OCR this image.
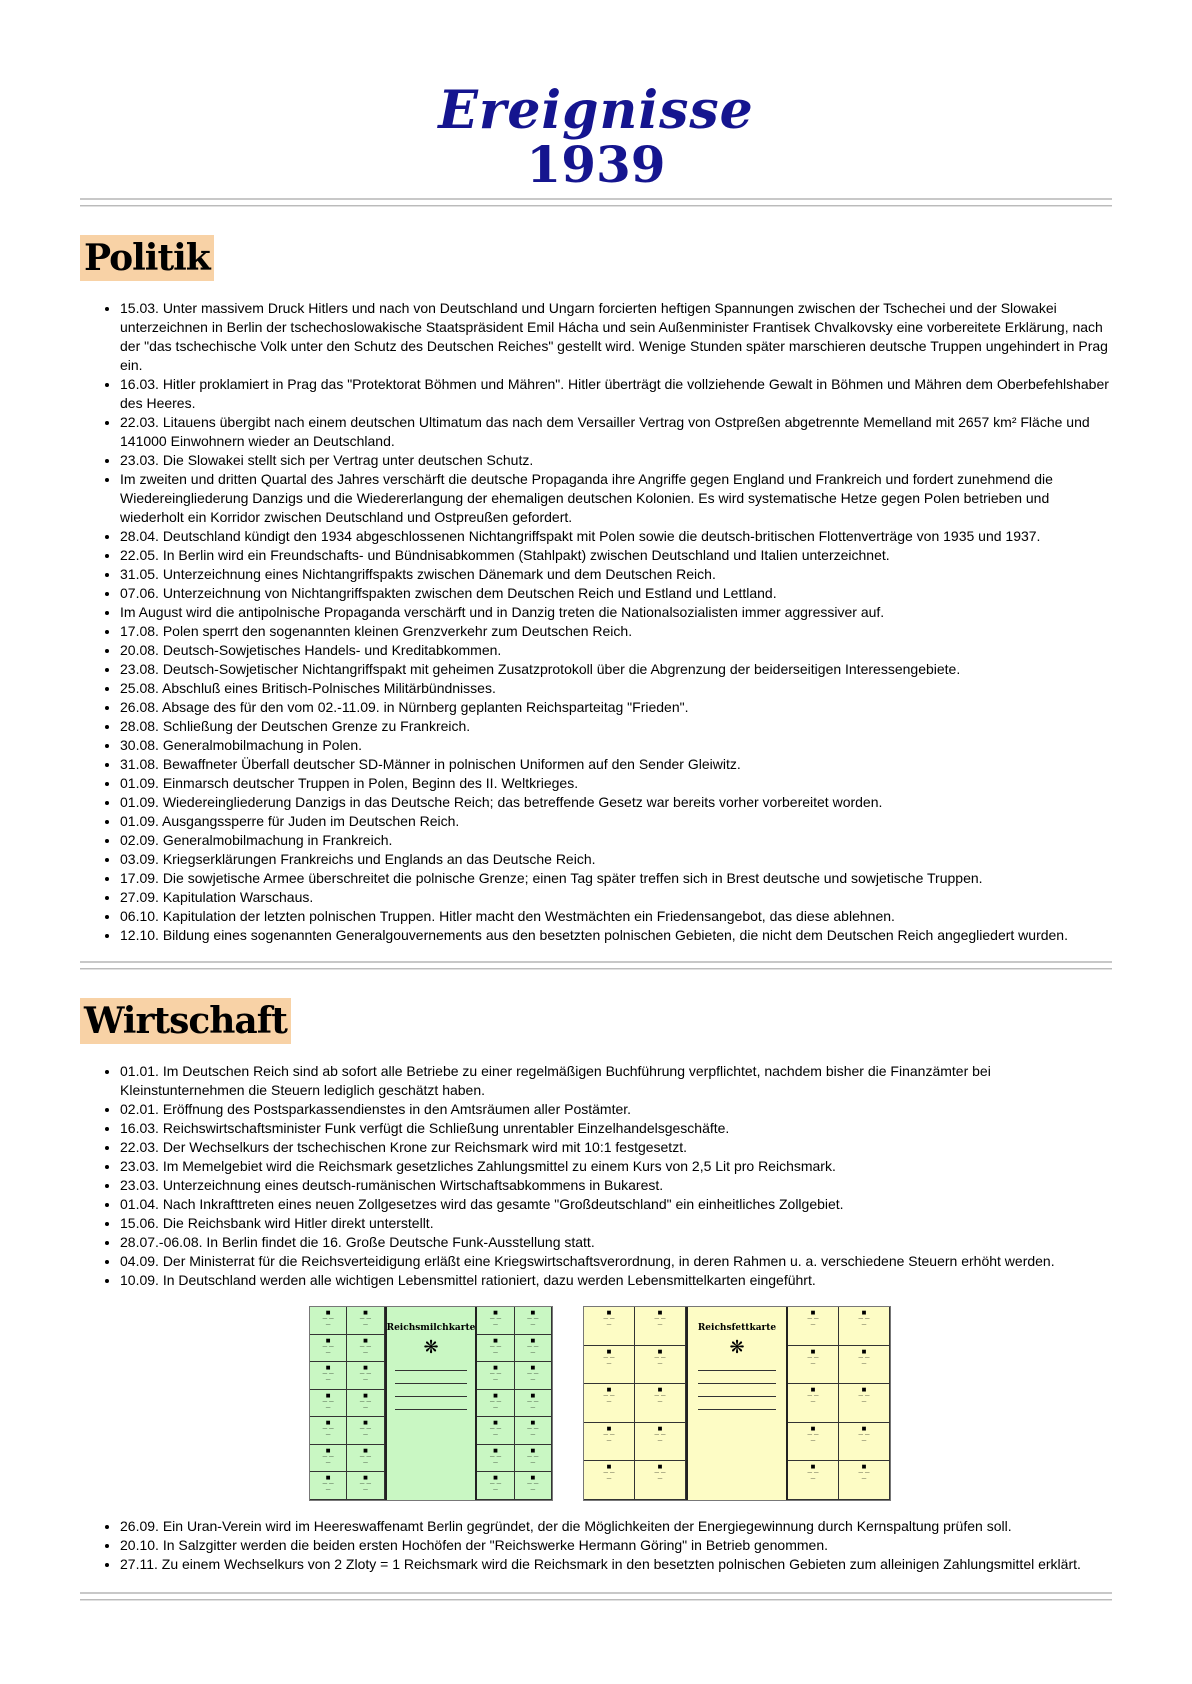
Ereignisse
1939
Politik
• 15.03. Unter massivem Druck Hitlers und nach von Deutschland und Ungarn forcierten heftigen Spannungen zwischen der Tschechei und der Slowakei unterzeichnen in Berlin der tschechoslowakische Staatspräsident Emil Hácha und sein Außenminister Frantisek Chvalkovsky eine vorbereitete Erklärung, nach der "das tschechische Volk unter den Schutz des Deutschen Reiches" gestellt wird. Wenige Stunden später marschieren deutsche Truppen ungehindert in Prag ein.
• 16.03. Hitler proklamiert in Prag das "Protektorat Böhmen und Mähren". Hitler überträgt die vollziehende Gewalt in Böhmen und Mähren dem Oberbefehlshaber des Heeres.
• 22.03. Litauens übergibt nach einem deutschen Ultimatum das nach dem Versailler Vertrag von Ostpreßen abgetrennte Memelland mit 2657 km² Fläche und 141000 Einwohnern wieder an Deutschland.
• 23.03. Die Slowakei stellt sich per Vertrag unter deutschen Schutz.
• Im zweiten und dritten Quartal des Jahres verschärft die deutsche Propaganda ihre Angriffe gegen England und Frankreich und fordert zunehmend die Wiedereingliederung Danzigs und die Wiedererlangung der ehemaligen deutschen Kolonien. Es wird systematische Hetze gegen Polen betrieben und wiederholt ein Korridor zwischen Deutschland und Ostpreußen gefordert.
• 28.04. Deutschland kündigt den 1934 abgeschlossenen Nichtangriffspakt mit Polen sowie die deutsch-britischen Flottenverträge von 1935 und 1937.
• 22.05. In Berlin wird ein Freundschafts- und Bündnisabkommen (Stahlpakt) zwischen Deutschland und Italien unterzeichnet.
• 31.05. Unterzeichnung eines Nichtangriffspakts zwischen Dänemark und dem Deutschen Reich.
• 07.06. Unterzeichnung von Nichtangriffspakten zwischen dem Deutschen Reich und Estland und Lettland.
• Im August wird die antipolnische Propaganda verschärft und in Danzig treten die Nationalsozialisten immer aggressiver auf.
• 17.08. Polen sperrt den sogenannten kleinen Grenzverkehr zum Deutschen Reich.
• 20.08. Deutsch-Sowjetisches Handels- und Kreditabkommen.
• 23.08. Deutsch-Sowjetischer Nichtangriffspakt mit geheimen Zusatzprotokoll über die Abgrenzung der beiderseitigen Interessengebiete.
• 25.08. Abschluß eines Britisch-Polnisches Militärbündnisses.
• 26.08. Absage des für den vom 02.-11.09. in Nürnberg geplanten Reichsparteitag "Frieden".
• 28.08. Schließung der Deutschen Grenze zu Frankreich.
• 30.08. Generalmobilmachung in Polen.
• 31.08. Bewaffneter Überfall deutscher SD-Männer in polnischen Uniformen auf den Sender Gleiwitz.
• 01.09. Einmarsch deutscher Truppen in Polen, Beginn des II. Weltkrieges.
• 01.09. Wiedereingliederung Danzigs in das Deutsche Reich; das betreffende Gesetz war bereits vorher vorbereitet worden.
• 01.09. Ausgangssperre für Juden im Deutschen Reich.
• 02.09. Generalmobilmachung in Frankreich.
• 03.09. Kriegserklärungen Frankreichs und Englands an das Deutsche Reich.
• 17.09. Die sowjetische Armee überschreitet die polnische Grenze; einen Tag später treffen sich in Brest deutsche und sowjetische Truppen.
• 27.09. Kapitulation Warschaus.
• 06.10. Kapitulation der letzten polnischen Truppen. Hitler macht den Westmächten ein Friedensangebot, das diese ablehnen.
• 12.10. Bildung eines sogenannten Generalgouvernements aus den besetzten polnischen Gebieten, die nicht dem Deutschen Reich angegliedert wurden.
Wirtschaft
• 01.01. Im Deutschen Reich sind ab sofort alle Betriebe zu einer regelmäßigen Buchführung verpflichtet, nachdem bisher die Finanzämter bei Kleinstunternehmen die Steuern lediglich geschätzt haben.
• 02.01. Eröffnung des Postsparkassendienstes in den Amtsräumen aller Postämter.
• 16.03. Reichswirtschaftsminister Funk verfügt die Schließung unrentabler Einzelhandelsgeschäfte.
• 22.03. Der Wechselkurs der tschechischen Krone zur Reichsmark wird mit 10:1 festgesetzt.
• 23.03. Im Memelgebiet wird die Reichsmark gesetzliches Zahlungsmittel zu einem Kurs von 2,5 Lit pro Reichsmark.
• 23.03. Unterzeichnung eines deutsch-rumänischen Wirtschaftsabkommens in Bukarest.
• 01.04. Nach Inkrafttreten eines neuen Zollgesetzes wird das gesamte "Großdeutschland" ein einheitliches Zollgebiet.
• 15.06. Die Reichsbank wird Hitler direkt unterstellt.
• 28.07.-06.08. In Berlin findet die 16. Große Deutsche Funk-Ausstellung statt.
• 04.09. Der Ministerrat für die Reichsverteidigung erläßt eine Kriegswirtschaftsverordnung, in deren Rahmen u. a. verschiedene Steuern erhöht werden.
• 10.09. In Deutschland werden alle wichtigen Lebensmittel rationiert, dazu werden Lebensmittelkarten eingeführt.
■
— —
—
■
— —
—
■
— —
—
■
— —
—
■
— —
—
■
— —
—
■
— —
—
■
— —
—
■
— —
—
■
— —
—
■
— —
—
■
— —
—
■
— —
—
■
— —
—
Reichsmilchkarte
❋
■
— —
—
■
— —
—
■
— —
—
■
— —
—
■
— —
—
■
— —
—
■
— —
—
■
— —
—
■
— —
—
■
— —
—
■
— —
—
■
— —
—
■
— —
—
■
— —
—
■
— —
—
■
— —
—
■
— —
—
■
— —
—
■
— —
—
■
— —
—
■
— —
—
■
— —
—
■
— —
—
■
— —
—
Reichsfettkarte
❋
■
— —
—
■
— —
—
■
— —
—
■
— —
—
■
— —
—
■
— —
—
■
— —
—
■
— —
—
■
— —
—
■
— —
—
• 26.09. Ein Uran-Verein wird im Heereswaffenamt Berlin gegründet, der die Möglichkeiten der Energiegewinnung durch Kernspaltung prüfen soll.
• 20.10. In Salzgitter werden die beiden ersten Hochöfen der "Reichswerke Hermann Göring" in Betrieb genommen.
• 27.11. Zu einem Wechselkurs von 2 Zloty = 1 Reichsmark wird die Reichsmark in den besetzten polnischen Gebieten zum alleinigen Zahlungsmittel erklärt.
